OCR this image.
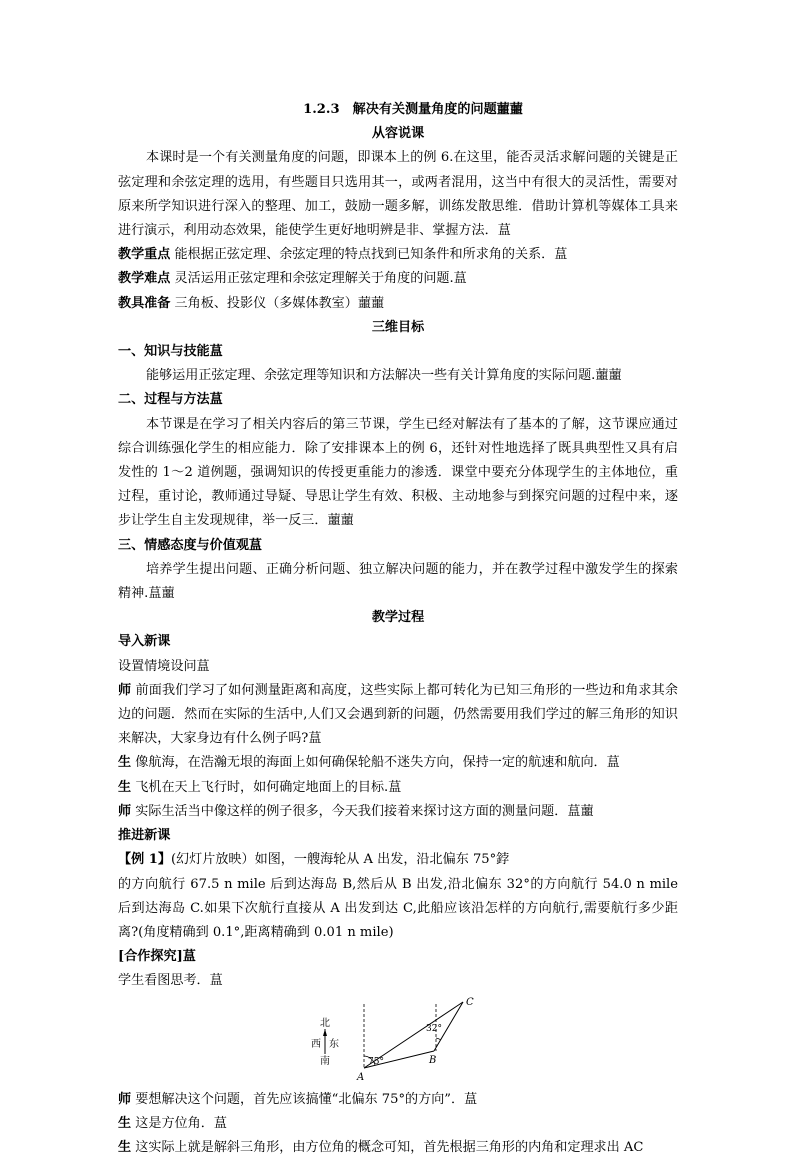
1.2.3　解决有关测量角度的问题蘁蘁
从容说课
本课时是一个有关测量角度的问题，即课本上的例 6.在这里，能否灵活求解问题的关键是正弦定理和余弦定理的选用，有些题目只选用其一，或两者混用，这当中有很大的灵活性，需要对原来所学知识进行深入的整理、加工，鼓励一题多解，训练发散思维．借助计算机等媒体工具来进行演示，利用动态效果，能使学生更好地明辨是非、掌握方法．蒀
教学重点 能根据正弦定理、余弦定理的特点找到已知条件和所求角的关系．蒀
教学难点 灵活运用正弦定理和余弦定理解关于角度的问题.蒀
教具准备 三角板、投影仪（多媒体教室）蘁蘁
三维目标
一、知识与技能蒀
能够运用正弦定理、余弦定理等知识和方法解决一些有关计算角度的实际问题.蘁蘁
二、过程与方法蒀
本节课是在学习了相关内容后的第三节课，学生已经对解法有了基本的了解，这节课应通过综合训练强化学生的相应能力．除了安排课本上的例 6，还针对性地选择了既具典型性又具有启发性的 1～2 道例题，强调知识的传授更重能力的渗透．课堂中要充分体现学生的主体地位，重过程，重讨论，教师通过导疑、导思让学生有效、积极、主动地参与到探究问题的过程中来，逐步让学生自主发现规律，举一反三．蘁蘁
三、情感态度与价值观蒀
培养学生提出问题、正确分析问题、独立解决问题的能力，并在教学过程中激发学生的探索精神.蒀蘁
教学过程
导入新课
设置情境设问蒀
师 前面我们学习了如何测量距离和高度，这些实际上都可转化为已知三角形的一些边和角求其余边的问题．然而在实际的生活中,人们又会遇到新的问题，仍然需要用我们学过的解三角形的知识来解决，大家身边有什么例子吗?蒀
生 像航海，在浩瀚无垠的海面上如何确保轮船不迷失方向，保持一定的航速和航向．蒀
生 飞机在天上飞行时，如何确定地面上的目标.蒀
师 实际生活当中像这样的例子很多，今天我们接着来探讨这方面的测量问题．蒀蘁
推进新课
【例 1】(幻灯片放映）如图，一艘海轮从 A 出发，沿北偏东 75°鋍
的方向航行 67.5 n mile 后到达海岛 B,然后从 B 出发,沿北偏东 32°的方向航行 54.0 n mile 后到达海岛 C.如果下次航行直接从 A 出发到达 C,此船应该沿怎样的方向航行,需要航行多少距离?(角度精确到 0.1°,距离精确到 0.01 n mile)
[合作探究]蒀
学生看图思考．蒀
北
西 东
南	75°
32°
A
B
C
师 要想解决这个问题，首先应该搞懂“北偏东 75°的方向”．蒀
生 这是方位角．蒀
生 这实际上就是解斜三角形，由方位角的概念可知，首先根据三角形的内角和定理求出 AC
